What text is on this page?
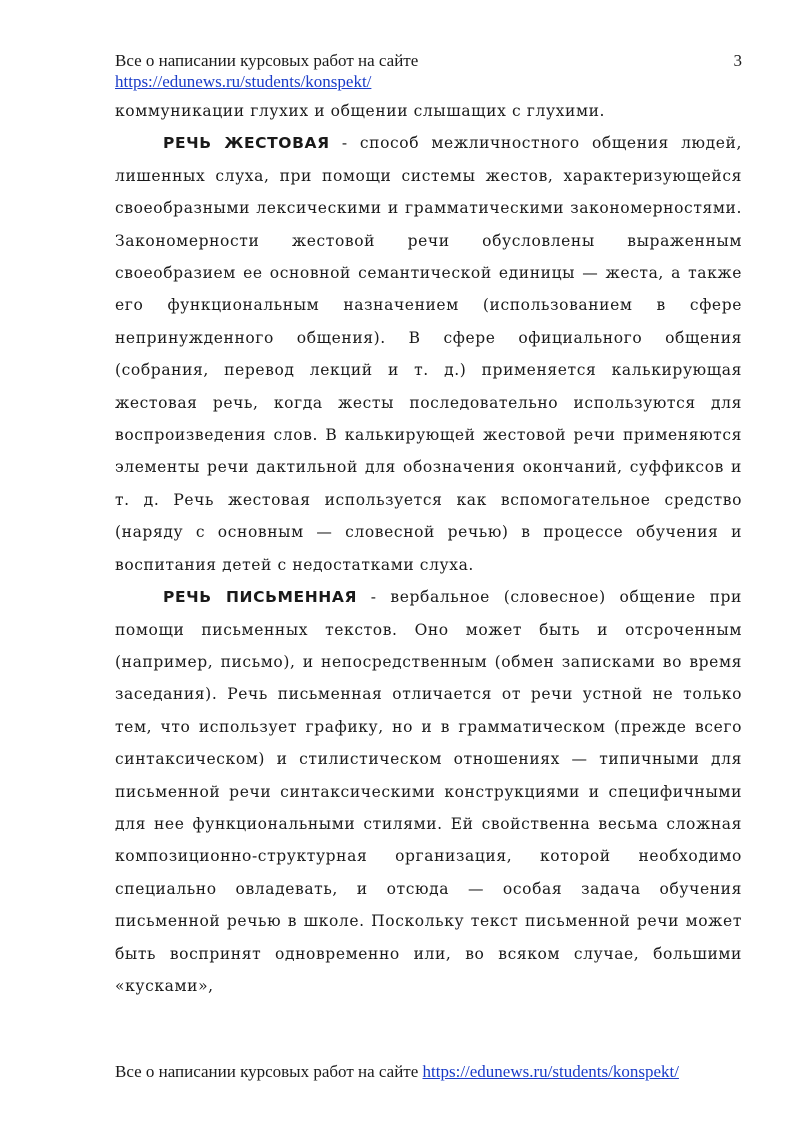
Все о написании курсовых работ на сайте	3
https://edunews.ru/students/konspekt/

коммуникации глухих и общении слышащих с глухими.

РЕЧЬ ЖЕСТОВАЯ - способ межличностного общения людей, лишенных слуха, при помощи системы жестов, характеризующейся своеобразными лексическими и грамматическими закономерностями. Закономерности жестовой речи обусловлены выраженным своеобразием ее основной семантической единицы — жеста, а также его функциональным назначением (использованием в сфере непринужденного общения). В сфере официального общения (собрания, перевод лекций и т. д.) применяется калькирующая жестовая речь, когда жесты последовательно используются для воспроизведения слов. В калькирующей жестовой речи применяются элементы речи дактильной для обозначения окончаний, суффиксов и т. д. Речь жестовая используется как вспомогательное средство (наряду с основным — словесной речью) в процессе обучения и воспитания детей с недостатками слуха.

РЕЧЬ ПИСЬМЕННАЯ - вербальное (словесное) общение при помощи письменных текстов. Оно может быть и отсроченным (например, письмо), и непосредственным (обмен записками во время заседания). Речь письменная отличается от речи устной не только тем, что использует графику, но и в грамматическом (прежде всего синтаксическом) и стилистическом отношениях — типичными для письменной речи синтаксическими конструкциями и специфичными для нее функциональными стилями. Ей свойственна весьма сложная композиционно-структурная организация, которой необходимо специально овладевать, и отсюда — особая задача обучения письменной речью в школе. Поскольку текст письменной речи может быть воспринят одновременно или, во всяком случае, большими «кусками»,

Все о написании курсовых работ на сайте https://edunews.ru/students/konspekt/
